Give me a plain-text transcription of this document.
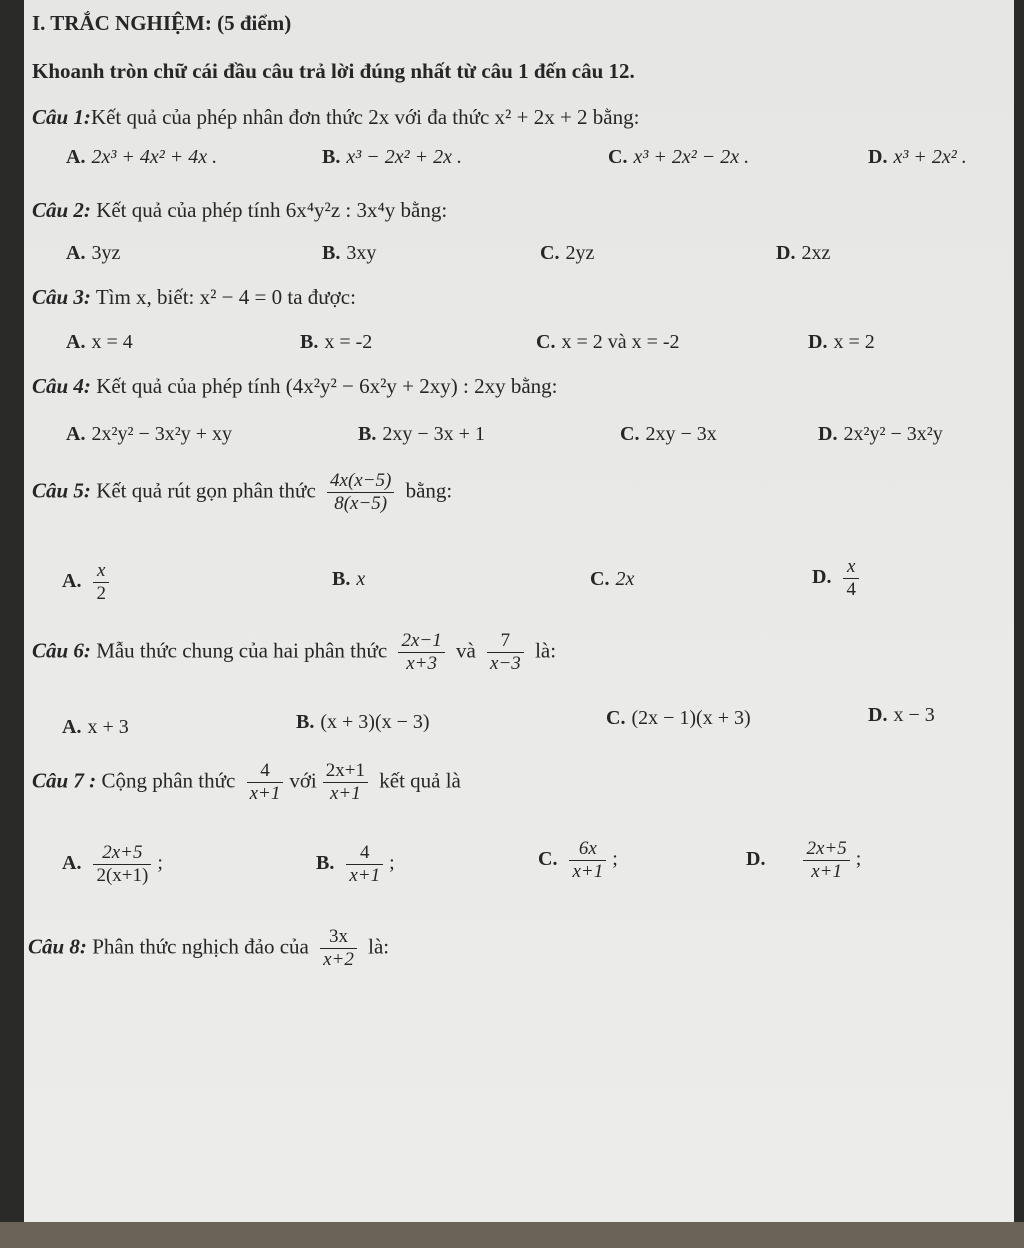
I. TRẮC NGHIỆM: (5 điểm)
Khoanh tròn chữ cái đầu câu trả lời đúng nhất từ câu 1 đến câu 12.
Câu 1:Kết quả của phép nhân đơn thức 2x với đa thức x² + 2x + 2 bằng:
A. 2x³ + 4x² + 4x .	B. x³ − 2x² + 2x .	C. x³ + 2x² − 2x .	D. x³ + 2x² .
Câu 2: Kết quả của phép tính 6x⁴y²z : 3x⁴y bằng:
A. 3yz	B. 3xy	C. 2yz	D. 2xz
Câu 3: Tìm x, biết: x² − 4 = 0 ta được:
A. x = 4	B. x = -2	C. x = 2 và x = -2	D. x = 2
Câu 4: Kết quả của phép tính (4x²y² − 6x²y + 2xy) : 2xy bằng:
A. 2x²y² − 3x²y + xy	B. 2xy − 3x + 1	C. 2xy − 3x	D. 2x²y² − 3x²y
Câu 5: Kết quả rút gọn phân thức $\frac{4x(x-5)}{8(x-5)}$ bằng:
A. $\frac{x}{2}$	B. x	C. 2x	D. $\frac{x}{4}$
Câu 6: Mẫu thức chung của hai phân thức $\frac{2x-1}{x+3}$ và $\frac{7}{x-3}$ là:
A. x + 3	B. (x + 3)(x − 3)	C. (2x − 1)(x + 3)	D. x − 3
Câu 7 : Cộng phân thức $\frac{4}{x+1}$ với $\frac{2x+1}{x+1}$ kết quả là
A. $\frac{2x+5}{2(x+1)}$ ;	B. $\frac{4}{x+1}$ ;	C. $\frac{6x}{x+1}$ ;	D. $\frac{2x+5}{x+1}$ ;
Câu 8: Phân thức nghịch đảo của $\frac{3x}{x+2}$ là:
